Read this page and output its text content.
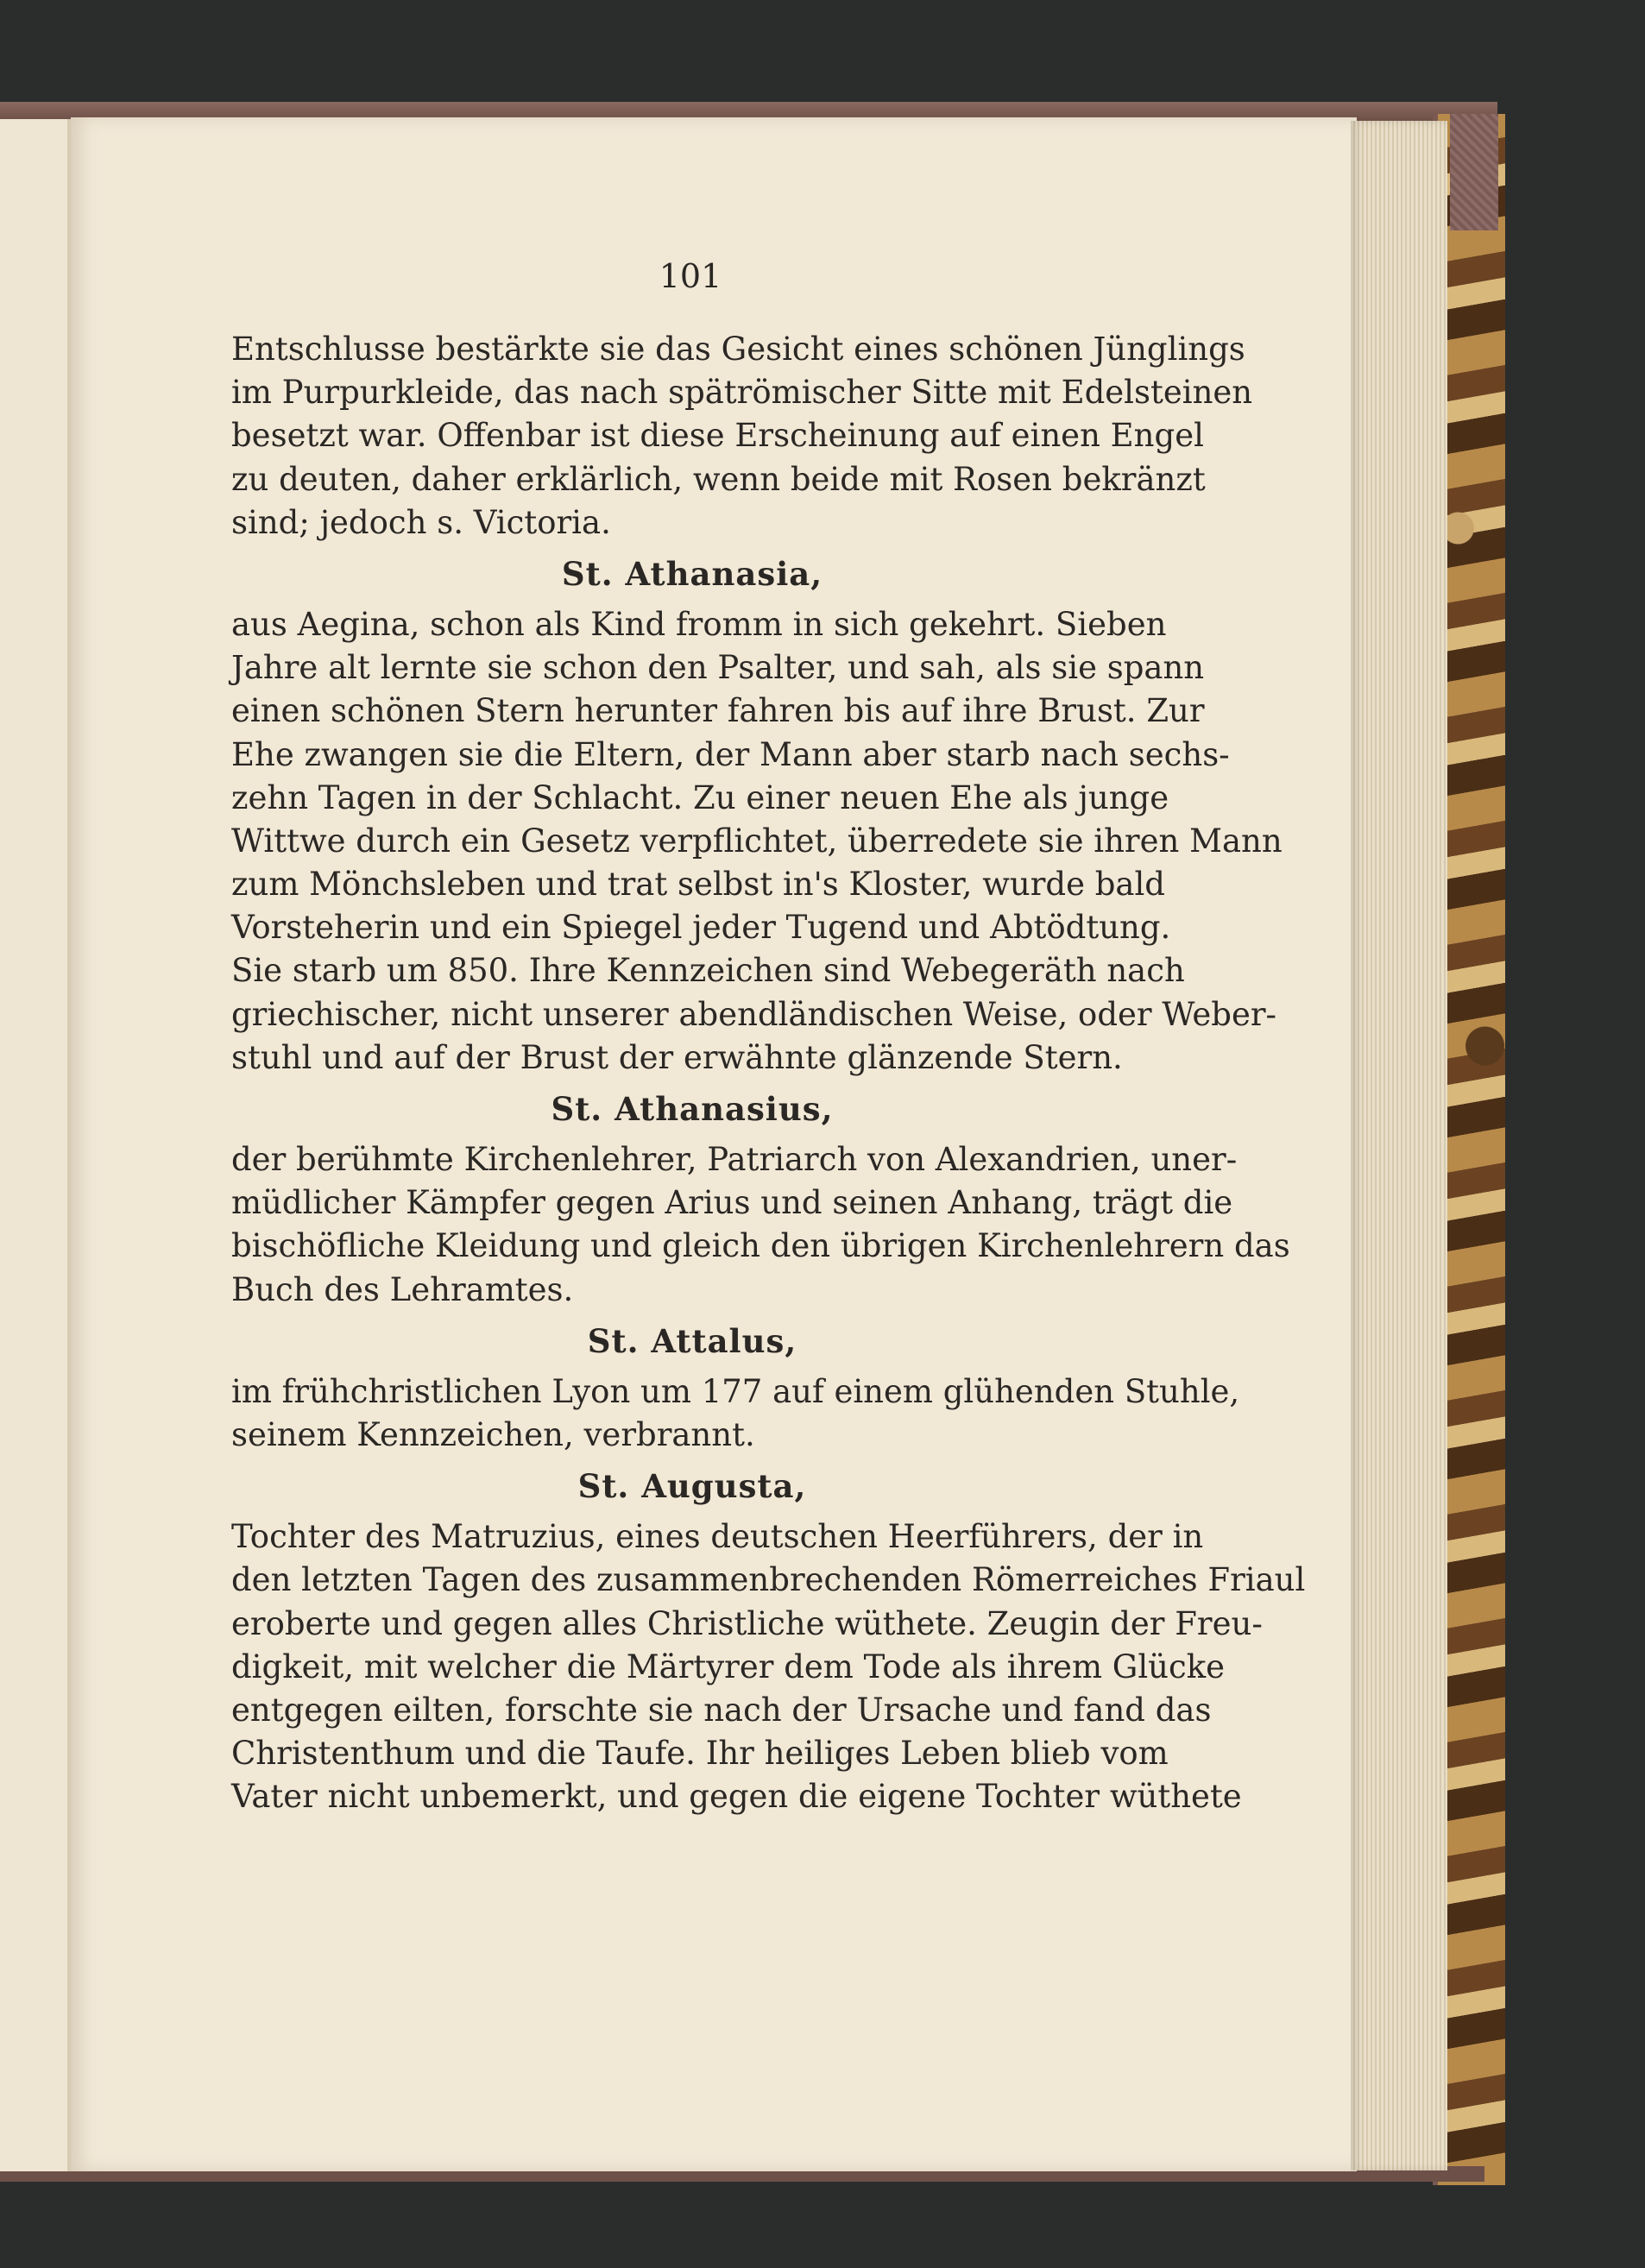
101
Entschlusse bestärkte sie das Gesicht eines schönen Jünglings
im Purpurkleide, das nach spätrömischer Sitte mit Edelsteinen
besetzt war. Offenbar ist diese Erscheinung auf einen Engel
zu deuten, daher erklärlich, wenn beide mit Rosen bekränzt
sind; jedoch s. Victoria.
St. Athanasia,
aus Aegina, schon als Kind fromm in sich gekehrt. Sieben
Jahre alt lernte sie schon den Psalter, und sah, als sie spann
einen schönen Stern herunter fahren bis auf ihre Brust. Zur
Ehe zwangen sie die Eltern, der Mann aber starb nach sechs-
zehn Tagen in der Schlacht. Zu einer neuen Ehe als junge
Wittwe durch ein Gesetz verpflichtet, überredete sie ihren Mann
zum Mönchsleben und trat selbst in's Kloster, wurde bald
Vorsteherin und ein Spiegel jeder Tugend und Abtödtung.
Sie starb um 850. Ihre Kennzeichen sind Webegeräth nach
griechischer, nicht unserer abendländischen Weise, oder Weber-
stuhl und auf der Brust der erwähnte glänzende Stern.
St. Athanasius,
der berühmte Kirchenlehrer, Patriarch von Alexandrien, uner-
müdlicher Kämpfer gegen Arius und seinen Anhang, trägt die
bischöfliche Kleidung und gleich den übrigen Kirchenlehrern das
Buch des Lehramtes.
St. Attalus,
im frühchristlichen Lyon um 177 auf einem glühenden Stuhle,
seinem Kennzeichen, verbrannt.
St. Augusta,
Tochter des Matruzius, eines deutschen Heerführers, der in
den letzten Tagen des zusammenbrechenden Römerreiches Friaul
eroberte und gegen alles Christliche wüthete. Zeugin der Freu-
digkeit, mit welcher die Märtyrer dem Tode als ihrem Glücke
entgegen eilten, forschte sie nach der Ursache und fand das
Christenthum und die Taufe. Ihr heiliges Leben blieb vom
Vater nicht unbemerkt, und gegen die eigene Tochter wüthete
